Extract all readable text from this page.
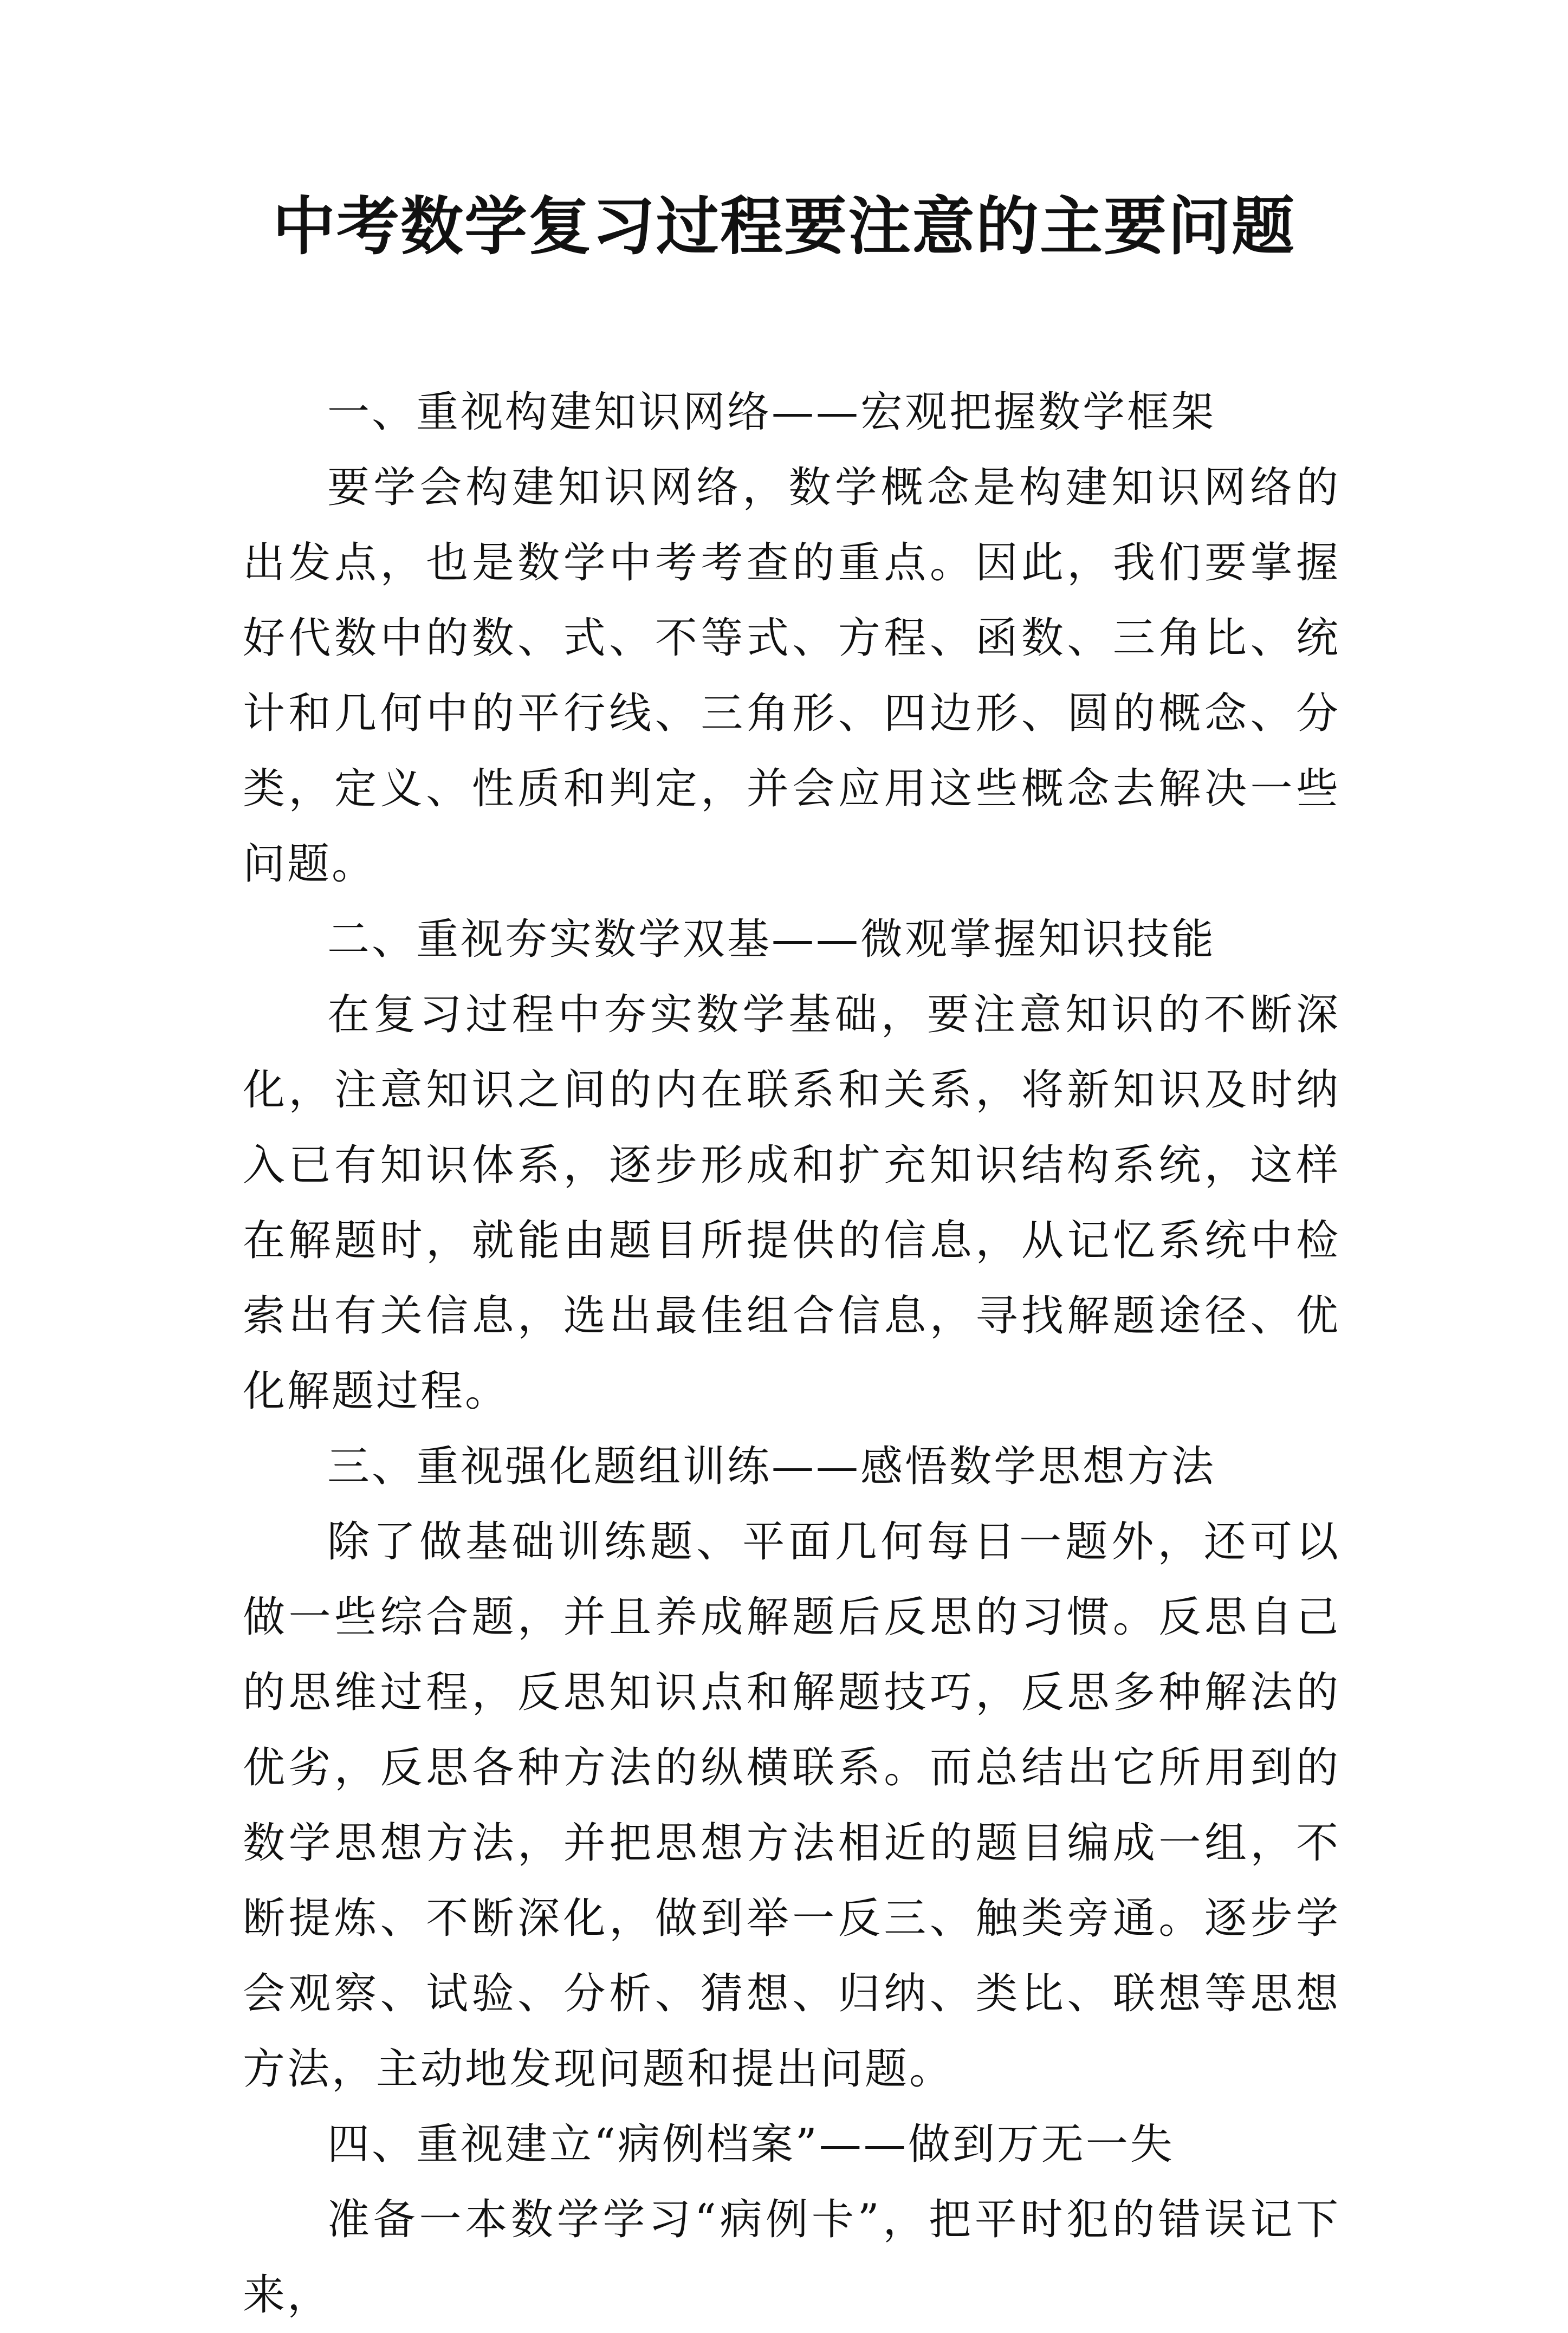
中考数学复习过程要注意的主要问题

一、重视构建知识网络——宏观把握数学框架

要学会构建知识网络，数学概念是构建知识网络的出发点，也是数学中考考查的重点。因此，我们要掌握好代数中的数、式、不等式、方程、函数、三角比、统计和几何中的平行线、三角形、四边形、圆的概念、分类，定义、性质和判定，并会应用这些概念去解决一些问题。

二、重视夯实数学双基——微观掌握知识技能

在复习过程中夯实数学基础，要注意知识的不断深化，注意知识之间的内在联系和关系，将新知识及时纳入已有知识体系，逐步形成和扩充知识结构系统，这样在解题时，就能由题目所提供的信息，从记忆系统中检索出有关信息，选出最佳组合信息，寻找解题途径、优化解题过程。

三、重视强化题组训练——感悟数学思想方法

除了做基础训练题、平面几何每日一题外，还可以做一些综合题，并且养成解题后反思的习惯。反思自己的思维过程，反思知识点和解题技巧，反思多种解法的优劣，反思各种方法的纵横联系。而总结出它所用到的数学思想方法，并把思想方法相近的题目编成一组，不断提炼、不断深化，做到举一反三、触类旁通。逐步学会观察、试验、分析、猜想、归纳、类比、联想等思想方法，主动地发现问题和提出问题。

四、重视建立“病例档案”——做到万无一失

准备一本数学学习“病例卡”，把平时犯的错误记下来，
